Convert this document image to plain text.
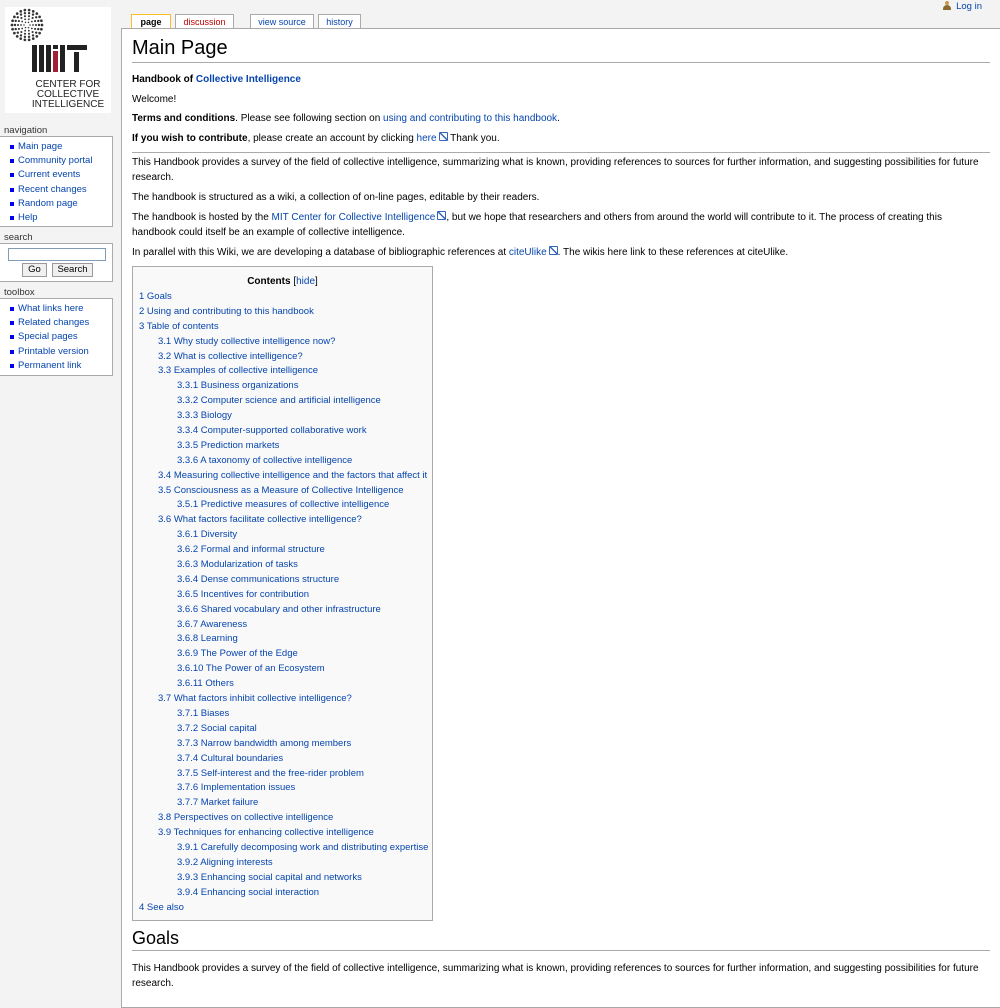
Log in
page	discussion	view source	history
CENTER FOR
COLLECTIVE
INTELLIGENCE
navigation
Main page
Community portal
Current events
Recent changes
Random page
Help
search
Go	Search
toolbox
What links here
Related changes
Special pages
Printable version
Permanent link
Main Page

Handbook of Collective Intelligence

Welcome!

Terms and conditions. Please see following section on using and contributing to this handbook.

If you wish to contribute, please create an account by clicking here Thank you.

This Handbook provides a survey of the field of collective intelligence, summarizing what is known, providing references to sources for further information, and suggesting possibilities for future research.

The handbook is structured as a wiki, a collection of on-line pages, editable by their readers.

The handbook is hosted by the MIT Center for Collective Intelligence , but we hope that researchers and others from around the world will contribute to it. The process of creating this handbook could itself be an example of collective intelligence.

In parallel with this Wiki, we are developing a database of bibliographic references at citeUlike . The wikis here link to these references at citeUlike.

Contents [hide]
1 Goals
2 Using and contributing to this handbook
3 Table of contents
3.1 Why study collective intelligence now?
3.2 What is collective intelligence?
3.3 Examples of collective intelligence
3.3.1 Business organizations
3.3.2 Computer science and artificial intelligence
3.3.3 Biology
3.3.4 Computer-supported collaborative work
3.3.5 Prediction markets
3.3.6 A taxonomy of collective intelligence
3.4 Measuring collective intelligence and the factors that affect it
3.5 Consciousness as a Measure of Collective Intelligence
3.5.1 Predictive measures of collective intelligence
3.6 What factors facilitate collective intelligence?
3.6.1 Diversity
3.6.2 Formal and informal structure
3.6.3 Modularization of tasks
3.6.4 Dense communications structure
3.6.5 Incentives for contribution
3.6.6 Shared vocabulary and other infrastructure
3.6.7 Awareness
3.6.8 Learning
3.6.9 The Power of the Edge
3.6.10 The Power of an Ecosystem
3.6.11 Others
3.7 What factors inhibit collective intelligence?
3.7.1 Biases
3.7.2 Social capital
3.7.3 Narrow bandwidth among members
3.7.4 Cultural boundaries
3.7.5 Self-interest and the free-rider problem
3.7.6 Implementation issues
3.7.7 Market failure
3.8 Perspectives on collective intelligence
3.9 Techniques for enhancing collective intelligence
3.9.1 Carefully decomposing work and distributing expertise
3.9.2 Aligning interests
3.9.3 Enhancing social capital and networks
3.9.4 Enhancing social interaction
4 See also
Goals

This Handbook provides a survey of the field of collective intelligence, summarizing what is known, providing references to sources for further information, and suggesting possibilities for future research.
